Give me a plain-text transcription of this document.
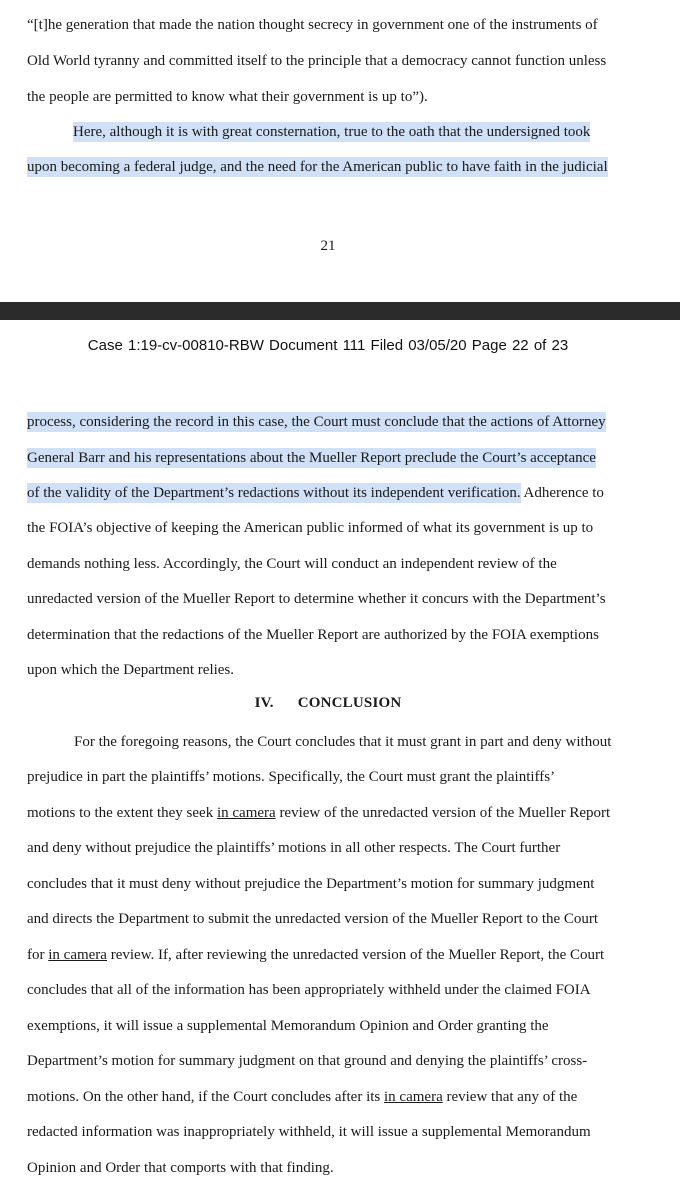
“[t]he generation that made the nation thought secrecy in government one of the instruments of
Old World tyranny and committed itself to the principle that a democracy cannot function unless
the people are permitted to know what their government is up to”).
Here, although it is with great consternation, true to the oath that the undersigned took
upon becoming a federal judge, and the need for the American public to have faith in the judicial
21
Case 1:19-cv-00810-RBW Document 111 Filed 03/05/20 Page 22 of 23
process, considering the record in this case, the Court must conclude that the actions of Attorney
General Barr and his representations about the Mueller Report preclude the Court’s acceptance
of the validity of the Department’s redactions without its independent verification. Adherence to
the FOIA’s objective of keeping the American public informed of what its government is up to
demands nothing less. Accordingly, the Court will conduct an independent review of the
unredacted version of the Mueller Report to determine whether it concurs with the Department’s
determination that the redactions of the Mueller Report are authorized by the FOIA exemptions
upon which the Department relies.
IV. CONCLUSION
For the foregoing reasons, the Court concludes that it must grant in part and deny without
prejudice in part the plaintiffs’ motions. Specifically, the Court must grant the plaintiffs’
motions to the extent they seek in camera review of the unredacted version of the Mueller Report
and deny without prejudice the plaintiffs’ motions in all other respects. The Court further
concludes that it must deny without prejudice the Department’s motion for summary judgment
and directs the Department to submit the unredacted version of the Mueller Report to the Court
for in camera review. If, after reviewing the unredacted version of the Mueller Report, the Court
concludes that all of the information has been appropriately withheld under the claimed FOIA
exemptions, it will issue a supplemental Memorandum Opinion and Order granting the
Department’s motion for summary judgment on that ground and denying the plaintiffs’ cross-
motions. On the other hand, if the Court concludes after its in camera review that any of the
redacted information was inappropriately withheld, it will issue a supplemental Memorandum
Opinion and Order that comports with that finding.
